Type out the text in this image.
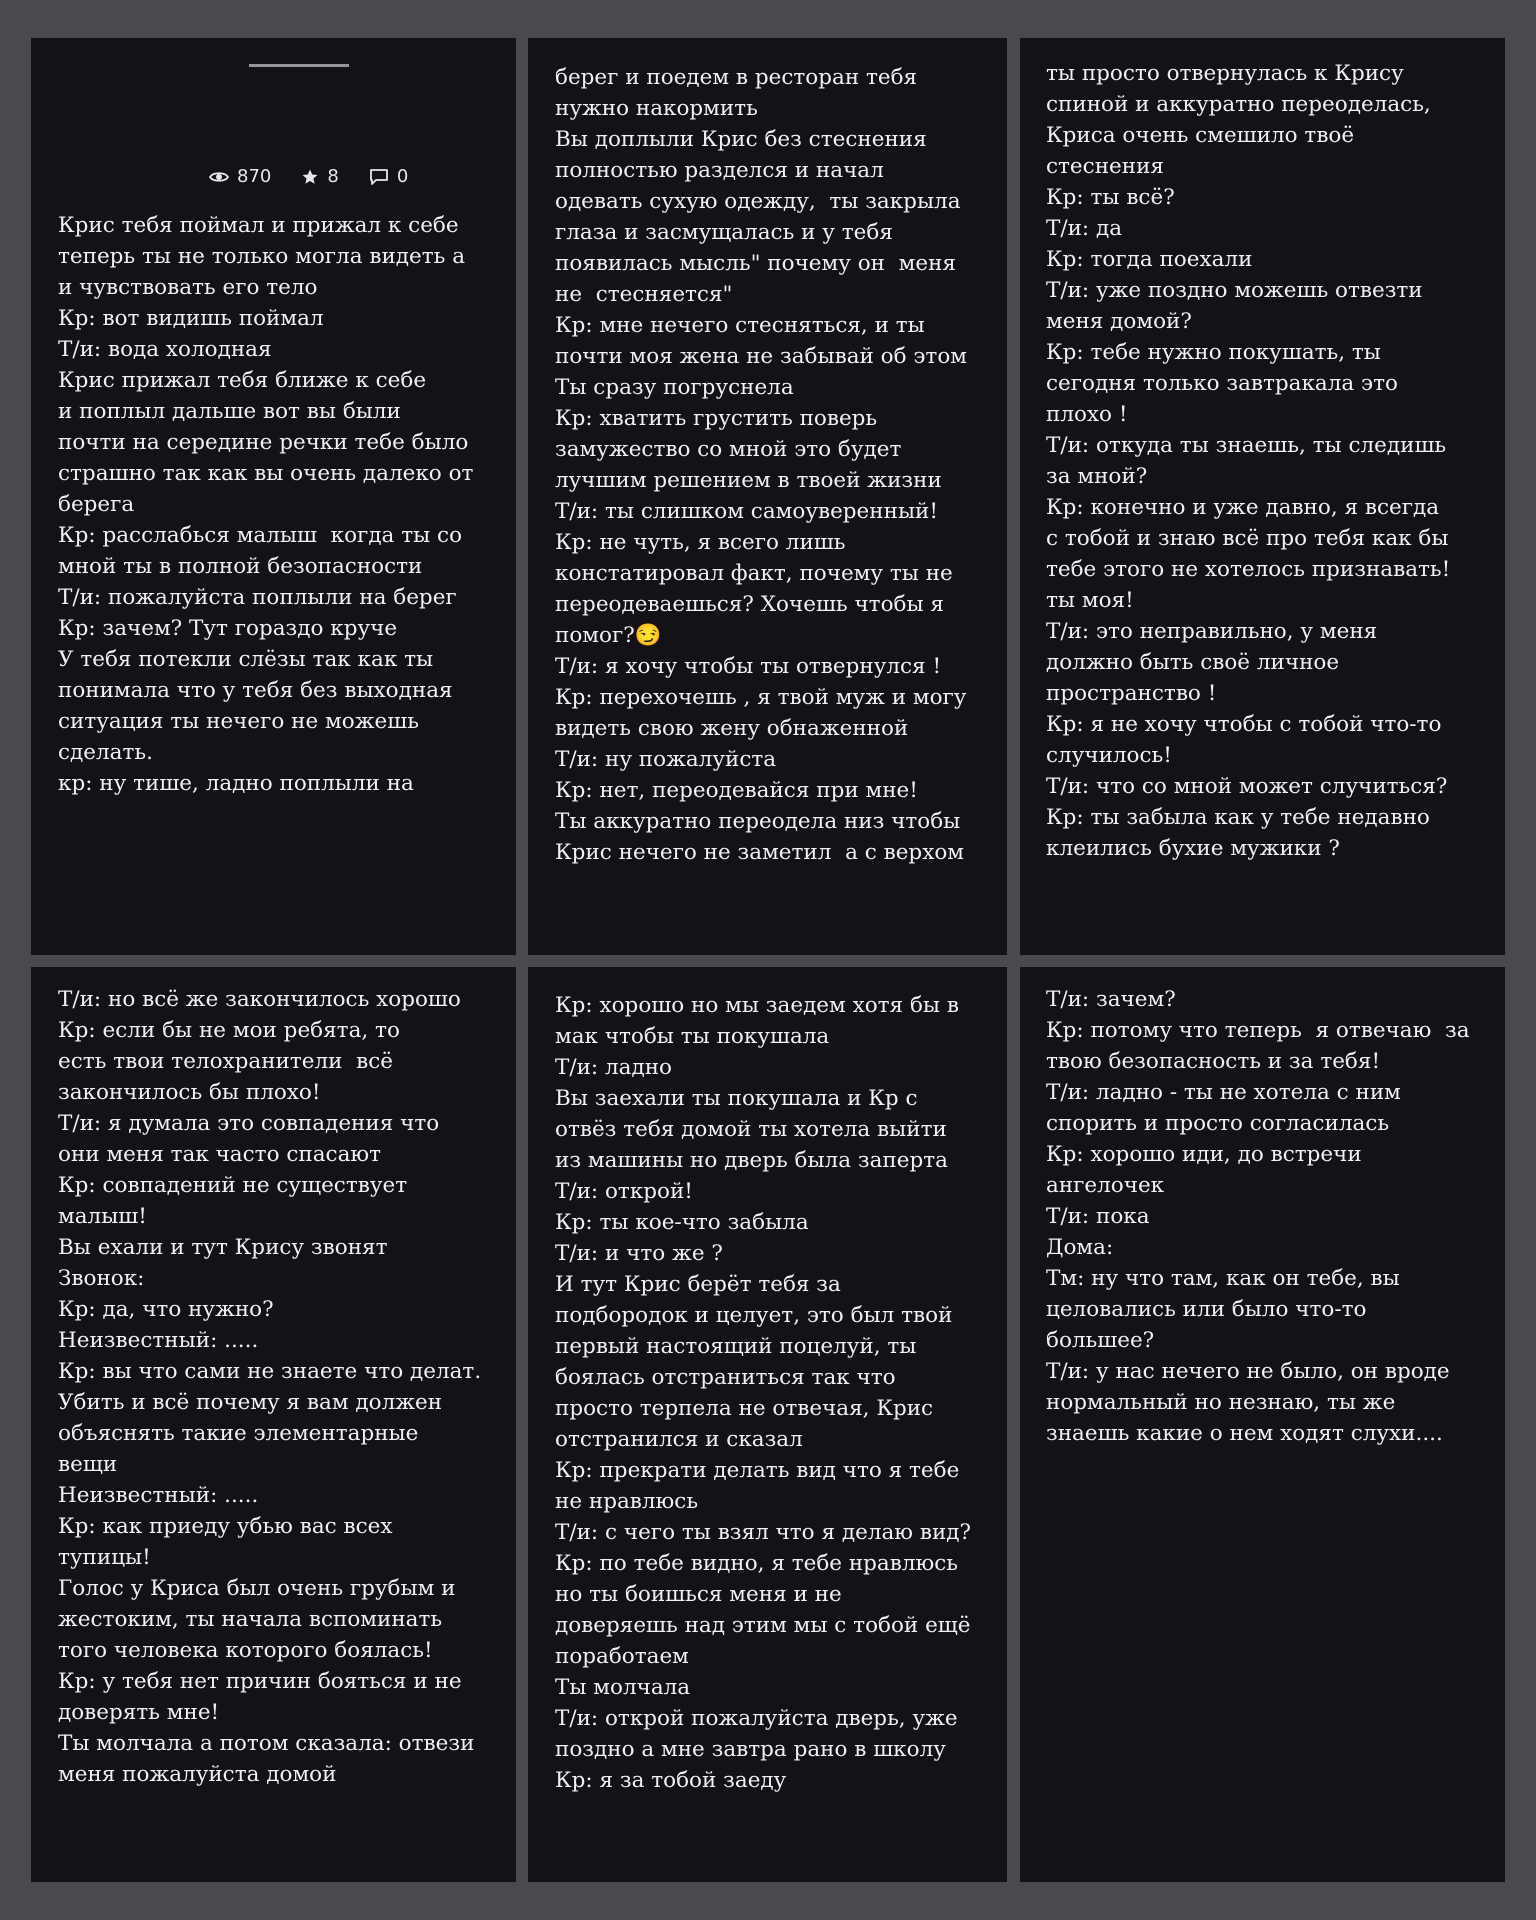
870	8	0

Крис тебя поймал и прижал к себе
теперь ты не только могла видеть а
и чувствовать его тело
Кр: вот видишь поймал
Т/и: вода холодная
Крис прижал тебя ближе к себе
и поплыл дальше вот вы были
почти на середине речки тебе было
страшно так как вы очень далеко от
берега
Кр: расслабься малыш  когда ты со
мной ты в полной безопасности
Т/и: пожалуйста поплыли на берег
Кр: зачем? Тут гораздо круче
У тебя потекли слёзы так как ты
понимала что у тебя без выходная
ситуация ты нечего не можешь
сделать.
кр: ну тише, ладно поплыли на

берег и поедем в ресторан тебя
нужно накормить
Вы доплыли Крис без стеснения
полностью разделся и начал
одевать сухую одежду,  ты закрыла
глаза и засмущалась и у тебя
появилась мысль" почему он  меня
не  стесняется"
Кр: мне нечего стесняться, и ты
почти моя жена не забывай об этом
Ты сразу погруснела
Кр: хватить грустить поверь
замужество со мной это будет
лучшим решением в твоей жизни
Т/и: ты слишком самоуверенный!
Кр: не чуть, я всего лишь
констатировал факт, почему ты не
переодеваешься? Хочешь чтобы я
помог?😏
Т/и: я хочу чтобы ты отвернулся !
Кр: перехочешь , я твой муж и могу
видеть свою жену обнаженной
Т/и: ну пожалуйста
Кр: нет, переодевайся при мне!
Ты аккуратно переодела низ чтобы
Крис нечего не заметил  а с верхом

ты просто отвернулась к Крису
спиной и аккуратно переоделась,
Криса очень смешило твоё
стеснения
Кр: ты всё?
Т/и: да
Кр: тогда поехали
Т/и: уже поздно можешь отвезти
меня домой?
Кр: тебе нужно покушать, ты
сегодня только завтракала это
плохо !
Т/и: откуда ты знаешь, ты следишь
за мной?
Кр: конечно и уже давно, я всегда
с тобой и знаю всё про тебя как бы
тебе этого не хотелось признавать!
ты моя!
Т/и: это неправильно, у меня
должно быть своё личное
пространство !
Кр: я не хочу чтобы с тобой что-то
случилось!
Т/и: что со мной может случиться?
Кр: ты забыла как у тебе недавно
клеились бухие мужики ?

Т/и: но всё же закончилось хорошо
Кр: если бы не мои ребята, то
есть твои телохранители  всё
закончилось бы плохо!
Т/и: я думала это совпадения что
они меня так часто спасают
Кр: совпадений не существует
малыш!
Вы ехали и тут Крису звонят
Звонок:
Кр: да, что нужно?
Неизвестный: .....
Кр: вы что сами не знаете что делат.
Убить и всё почему я вам должен
объяснять такие элементарные
вещи
Неизвестный: .....
Кр: как приеду убью вас всех
тупицы!
Голос у Криса был очень грубым и
жестоким, ты начала вспоминать
того человека которого боялась!
Кр: у тебя нет причин бояться и не
доверять мне!
Ты молчала а потом сказала: отвези
меня пожалуйста домой

Кр: хорошо но мы заедем хотя бы в
мак чтобы ты покушала
Т/и: ладно
Вы заехали ты покушала и Кр с
отвёз тебя домой ты хотела выйти
из машины но дверь была заперта
Т/и: открой!
Кр: ты кое-что забыла
Т/и: и что же ?
И тут Крис берёт тебя за
подбородок и целует, это был твой
первый настоящий поцелуй, ты
боялась отстраниться так что
просто терпела не отвечая, Крис
отстранился и сказал
Кр: прекрати делать вид что я тебе
не нравлюсь
Т/и: с чего ты взял что я делаю вид?
Кр: по тебе видно, я тебе нравлюсь
но ты боишься меня и не
доверяешь над этим мы с тобой ещё
поработаем
Ты молчала
Т/и: открой пожалуйста дверь, уже
поздно а мне завтра рано в школу
Кр: я за тобой заеду

Т/и: зачем?
Кр: потому что теперь  я отвечаю  за
твою безопасность и за тебя!
Т/и: ладно - ты не хотела с ним
спорить и просто согласилась
Кр: хорошо иди, до встречи
ангелочек
Т/и: пока
Дома:
Тм: ну что там, как он тебе, вы
целовались или было что-то
большее?
Т/и: у нас нечего не было, он вроде
нормальный но незнаю, ты же
знаешь какие о нем ходят слухи....
